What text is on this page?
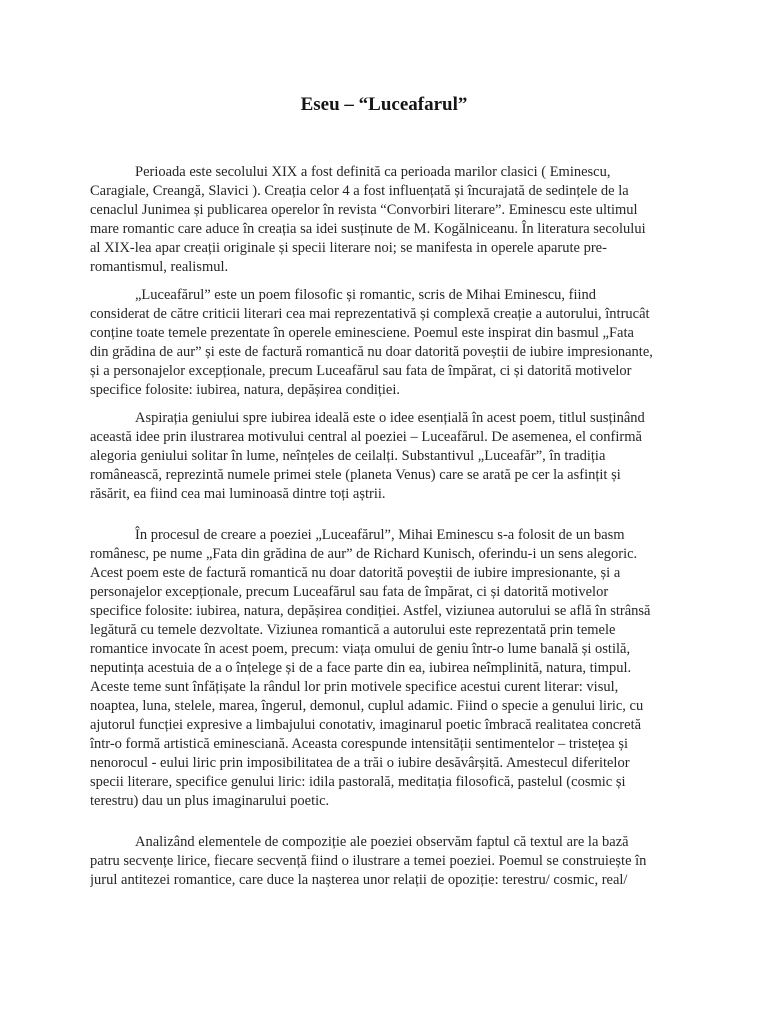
Eseu – “Luceafarul”
Perioada este secolului XIX a fost definită ca perioada marilor clasici ( Eminescu,
Caragiale, Creangă, Slavici ). Creația celor 4 a fost influențată și încurajată de sedințele de la
cenaclul Junimea și publicarea operelor în revista “Convorbiri literare”. Eminescu este ultimul
mare romantic care aduce în creația sa idei susținute de M. Kogălniceanu. În literatura secolului
al XIX-lea apar creații originale și specii literare noi; se manifesta in operele aparute pre-
romantismul, realismul.
„Luceafărul” este un poem filosofic și romantic, scris de Mihai Eminescu, fiind
considerat de către criticii literari cea mai reprezentativă și complexă creație a autorului, întrucât
conține toate temele prezentate în operele eminesciene. Poemul este inspirat din basmul „Fata
din grădina de aur” și este de factură romantică nu doar datorită poveștii de iubire impresionante,
și a personajelor excepționale, precum Luceafărul sau fata de împărat, ci și datorită motivelor
specifice folosite: iubirea, natura, depășirea condiției.
Aspirația geniului spre iubirea ideală este o idee esențială în acest poem, titlul susținând
această idee prin ilustrarea motivului central al poeziei – Luceafărul. De asemenea, el confirmă
alegoria geniului solitar în lume, neînțeles de ceilalți. Substantivul „Luceafăr”, în tradiția
românească, reprezintă numele primei stele (planeta Venus) care se arată pe cer la asfințit și
răsărit, ea fiind cea mai luminoasă dintre toți aștrii.
În procesul de creare a poeziei „Luceafărul”, Mihai Eminescu s-a folosit de un basm
românesc, pe nume „Fata din grădina de aur” de Richard Kunisch, oferindu-i un sens alegoric.
Acest poem este de factură romantică nu doar datorită poveștii de iubire impresionante, și a
personajelor excepționale, precum Luceafărul sau fata de împărat, ci și datorită motivelor
specifice folosite: iubirea, natura, depășirea condiției. Astfel, viziunea autorului se află în strânsă
legătură cu temele dezvoltate. Viziunea romantică a autorului este reprezentată prin temele
romantice invocate în acest poem, precum: viața omului de geniu într-o lume banală și ostilă,
neputința acestuia de a o înțelege și de a face parte din ea, iubirea neîmplinită, natura, timpul.
Aceste teme sunt înfățișate la rândul lor prin motivele specifice acestui curent literar: visul,
noaptea, luna, stelele, marea, îngerul, demonul, cuplul adamic. Fiind o specie a genului liric, cu
ajutorul funcției expresive a limbajului conotativ, imaginarul poetic îmbracă realitatea concretă
într-o formă artistică eminesciană. Aceasta corespunde intensității sentimentelor – tristețea și
nenorocul - eului liric prin imposibilitatea de a trăi o iubire desăvârșită. Amestecul diferitelor
specii literare, specifice genului liric: idila pastorală, meditația filosofică, pastelul (cosmic și
terestru) dau un plus imaginarului poetic.
Analizând elementele de compoziție ale poeziei observăm faptul că textul are la bază
patru secvențe lirice, fiecare secvență fiind o ilustrare a temei poeziei. Poemul se construiește în
jurul antitezei romantice, care duce la nașterea unor relații de opoziție: terestru/ cosmic, real/
